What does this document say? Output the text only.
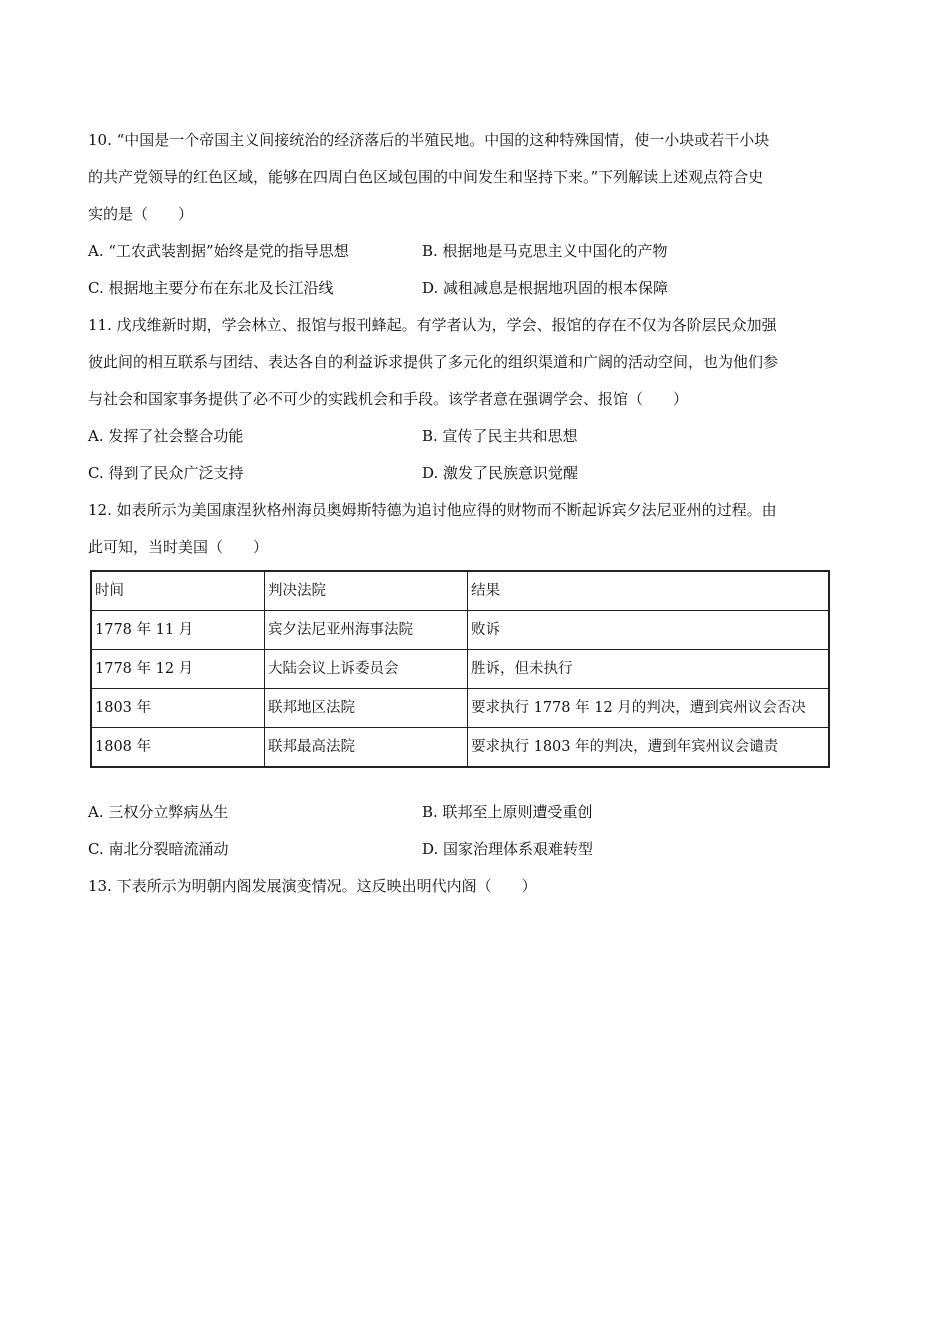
10. “中国是一个帝国主义间接统治的经济落后的半殖民地。中国的这种特殊国情，使一小块或若干小块
的共产党领导的红色区域，能够在四周白色区域包围的中间发生和坚持下来。”下列解读上述观点符合史
实的是（　　）
A. “工农武装割据”始终是党的指导思想	B. 根据地是马克思主义中国化的产物
C. 根据地主要分布在东北及长江沿线	D. 减租减息是根据地巩固的根本保障
11. 戊戌维新时期，学会林立、报馆与报刊蜂起。有学者认为，学会、报馆的存在不仅为各阶层民众加强
彼此间的相互联系与团结、表达各自的利益诉求提供了多元化的组织渠道和广阔的活动空间，也为他们参
与社会和国家事务提供了必不可少的实践机会和手段。该学者意在强调学会、报馆（　　）
A. 发挥了社会整合功能	B. 宣传了民主共和思想
C. 得到了民众广泛支持	D. 激发了民族意识觉醒
12. 如表所示为美国康涅狄格州海员奥姆斯特德为追讨他应得的财物而不断起诉宾夕法尼亚州的过程。由
此可知，当时美国（　　）
时间	判决法院	结果
1778 年 11 月	宾夕法尼亚州海事法院	败诉
1778 年 12 月	大陆会议上诉委员会	胜诉，但未执行
1803 年	联邦地区法院	要求执行 1778 年 12 月的判决，遭到宾州议会否决
1808 年	联邦最高法院	要求执行 1803 年的判决，遭到年宾州议会谴责
A. 三权分立弊病丛生	B. 联邦至上原则遭受重创
C. 南北分裂暗流涌动	D. 国家治理体系艰难转型
13. 下表所示为明朝内阁发展演变情况。这反映出明代内阁（　　）
